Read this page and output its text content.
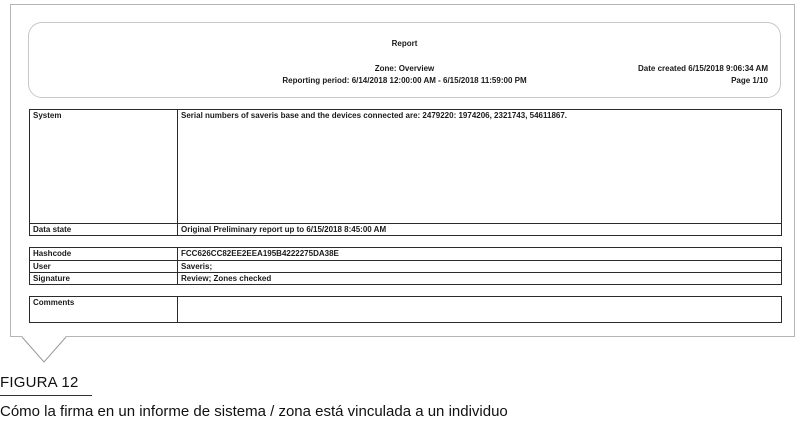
Report
Zone: Overview
Reporting period: 6/14/2018 12:00:00 AM - 6/15/2018 11:59:00 PM
Date created 6/15/2018 9:06:34 AM
Page 1/10
System	Serial numbers of saveris base and the devices connected are: 2479220: 1974206, 2321743, 54611867.
Data state	Original Preliminary report up to 6/15/2018 8:45:00 AM
Hashcode	FCC626CC82EE2EEA195B4222275DA38E
User	Saveris;
Signature	Review; Zones checked
Comments
FIGURA 12
Cómo la firma en un informe de sistema / zona está vinculada a un individuo
